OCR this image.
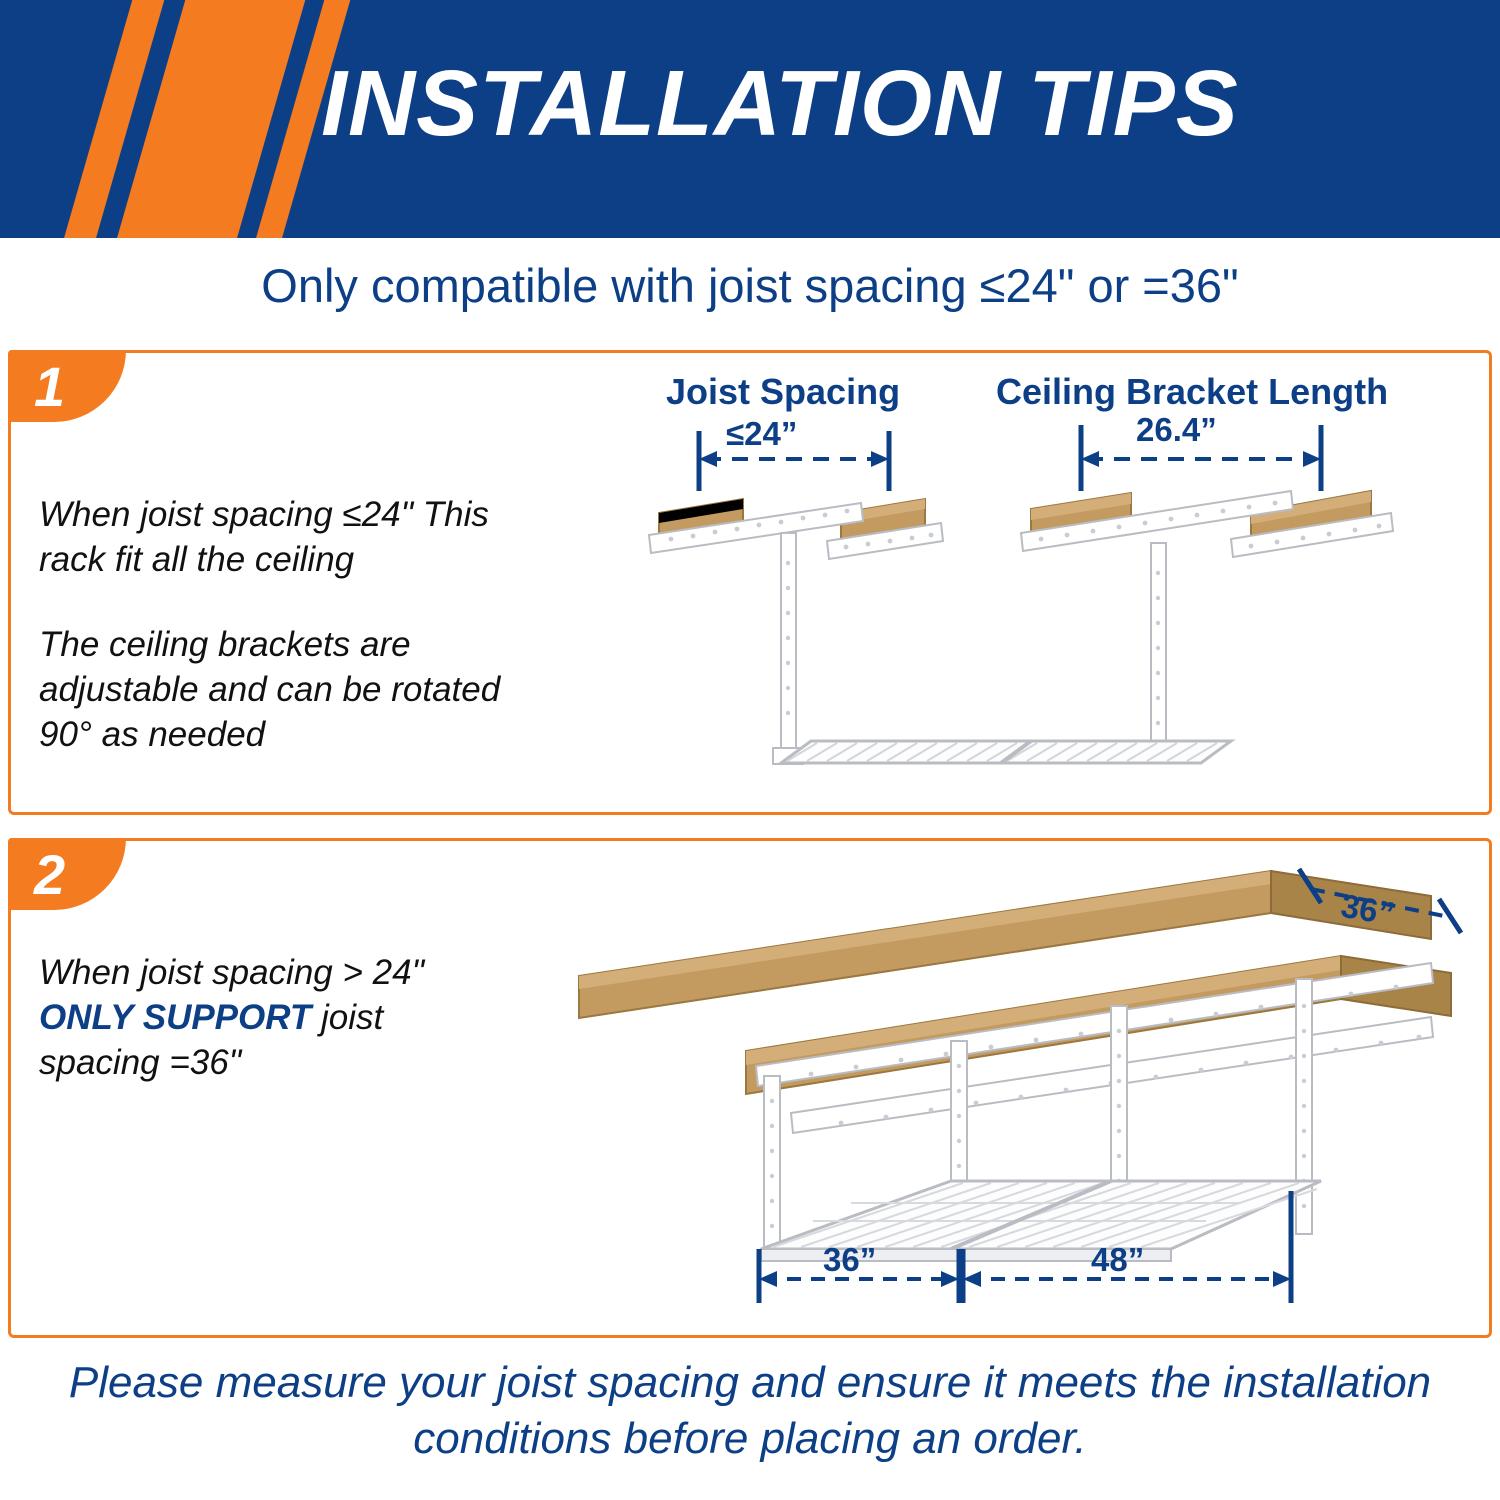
INSTALLATION TIPS
Only compatible with joist spacing ≤24" or =36"
1
When joist spacing ≤24" This rack fit all the ceiling
The ceiling brackets are adjustable and can be rotated 90° as needed
Joist Spacing
≤24”
Ceiling Bracket Length
26.4”
2
When joist spacing > 24"
ONLY SUPPORT joist spacing =36"
36”
36”	48”
Please measure your joist spacing and ensure it meets the installation conditions before placing an order.
